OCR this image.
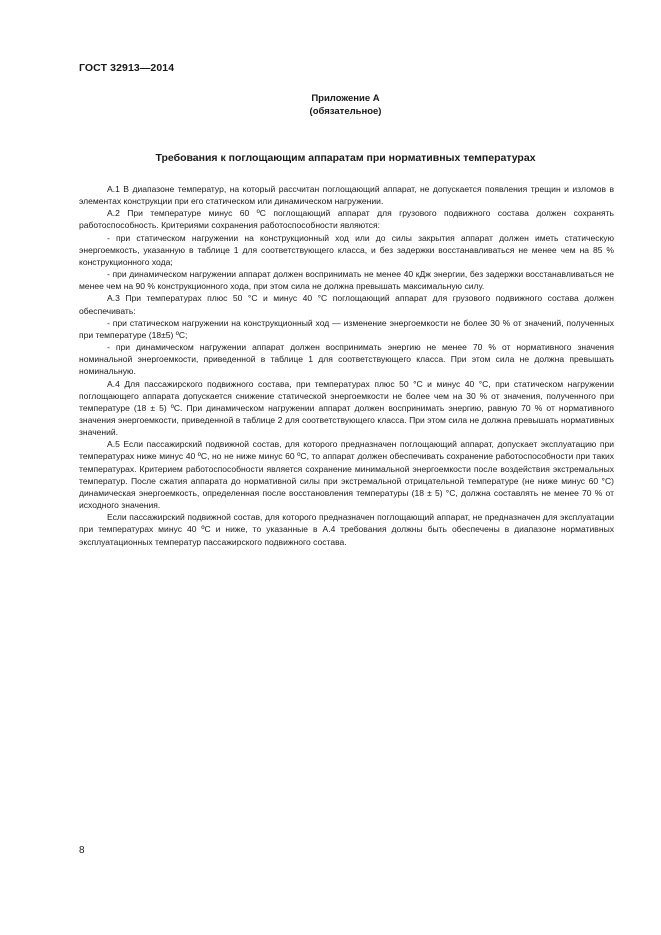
ГОСТ 32913—2014
Приложение А
(обязательное)
Требования к поглощающим аппаратам при нормативных температурах

А.1 В диапазоне температур, на который рассчитан поглощающий аппарат, не допускается появления трещин и изломов в элементах конструкции при его статическом или динамическом нагружении.

А.2 При температуре минус 60 ºС поглощающий аппарат для грузового подвижного состава должен сохранять работоспособность. Критериями сохранения работоспособности являются:

- при статическом нагружении на конструкционный ход или до силы закрытия аппарат должен иметь статическую энергоемкость, указанную в таблице 1 для соответствующего класса, и без задержки восстанавливаться не менее чем на 85 % конструкционного хода;

- при динамическом нагружении аппарат должен воспринимать не менее 40 кДж энергии, без задержки восстанавливаться не менее чем на 90 % конструкционного хода, при этом сила не должна превышать максимальную силу.

А.3 При температурах плюс 50 °С и минус 40 °С поглощающий аппарат для грузового подвижного состава должен обеспечивать:

- при статическом нагружении на конструкционный ход — изменение энергоемкости не более 30 % от значений, полученных при температуре (18±5) ºС;

- при динамическом нагружении аппарат должен воспринимать энергию не менее 70 % от нормативного значения номинальной энергоемкости, приведенной в таблице 1 для соответствующего класса. При этом сила не должна превышать номинальную.

А.4 Для пассажирского подвижного состава, при температурах плюс 50 °С и минус 40 °С, при статическом нагружении поглощающего аппарата допускается снижение статической энергоемкости не более чем на 30 % от значения, полученного при температуре (18 ± 5) ºС. При динамическом нагружении аппарат должен воспринимать энергию, равную 70 % от нормативного значения энергоемкости, приведенной в таблице 2 для соответствующего класса. При этом сила не должна превышать нормативных значений.

А.5 Если пассажирский подвижной состав, для которого предназначен поглощающий аппарат, допускает эксплуатацию при температурах ниже минус 40 ºС, но не ниже минус 60 ºС, то аппарат должен обеспечивать сохранение работоспособности при таких температурах. Критерием работоспособности является сохранение минимальной энергоемкости после воздействия экстремальных температур. После сжатия аппарата до нормативной силы при экстремальной отрицательной температуре (не ниже минус 60 °С) динамическая энергоемкость, определенная после восстановления температуры (18 ± 5) °С, должна составлять не менее 70 % от исходного значения.

Если пассажирский подвижной состав, для которого предназначен поглощающий аппарат, не предназначен для эксплуатации при температурах минус 40 ºС и ниже, то указанные в А.4 требования должны быть обеспечены в диапазоне нормативных эксплуатационных температур пассажирского подвижного состава.

8
